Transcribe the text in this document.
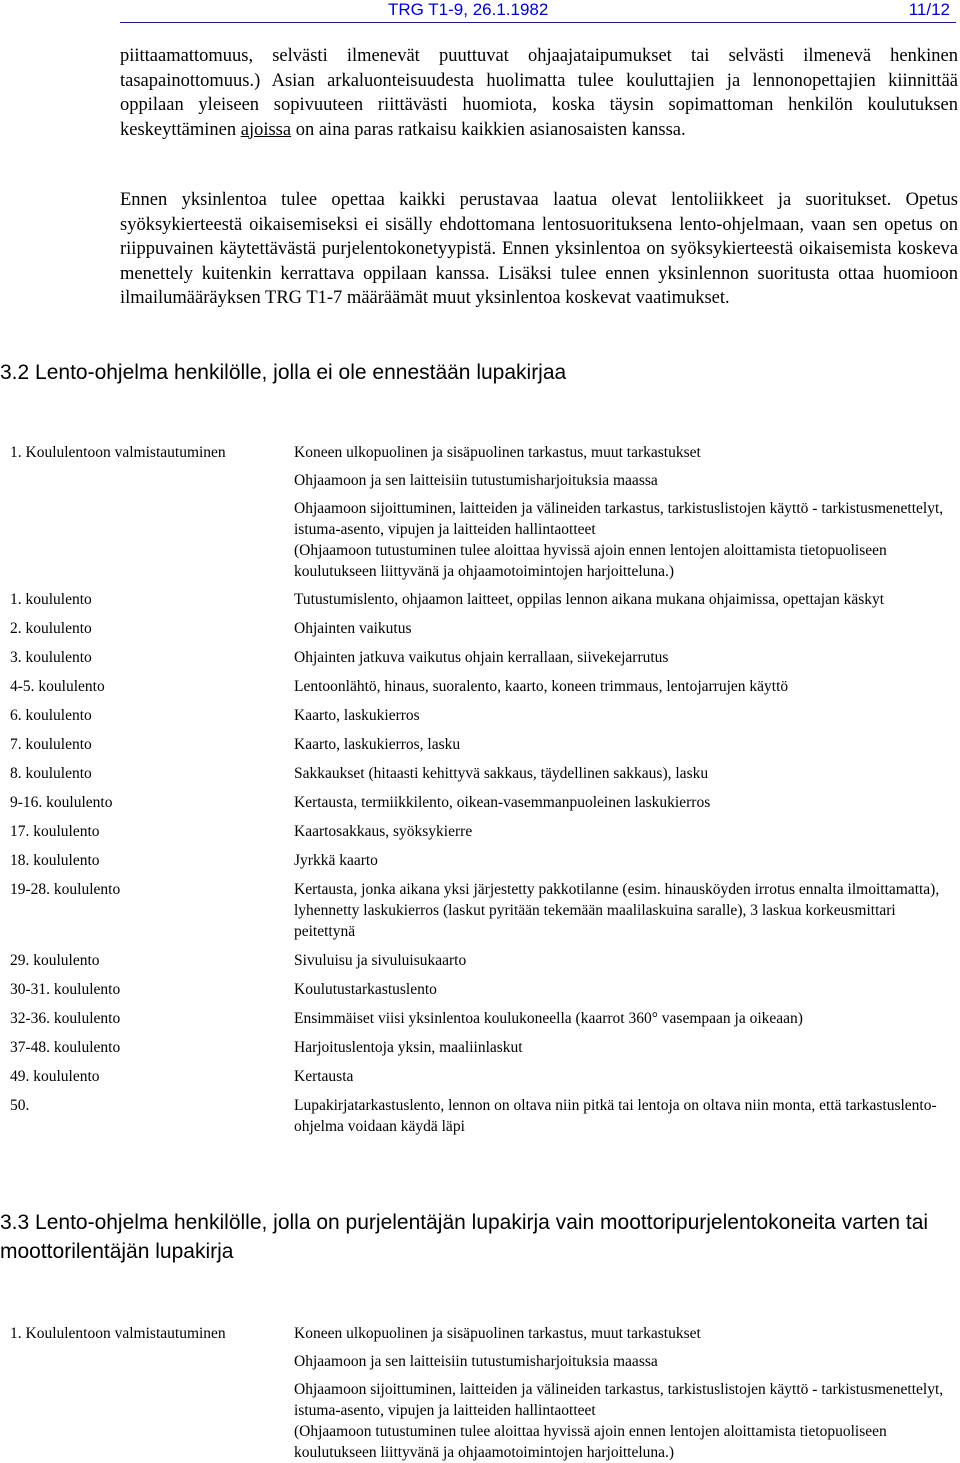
TRG T1-9, 26.1.1982	11/12

piittaamattomuus, selvästi ilmenevät puuttuvat ohjaajataipumukset tai selvästi ilmenevä henkinen tasapainottomuus.) Asian arkaluonteisuudesta huolimatta tulee kouluttajien ja lennonopettajien kiinnittää oppilaan yleiseen sopivuuteen riittävästi huomiota, koska täysin sopimattoman henkilön koulutuksen keskeyttäminen ajoissa on aina paras ratkaisu kaikkien asianosaisten kanssa.

Ennen yksinlentoa tulee opettaa kaikki perustavaa laatua olevat lentoliikkeet ja suoritukset. Opetus syöksykierteestä oikaisemiseksi ei sisälly ehdottomana lentosuorituksena lento-ohjelmaan, vaan sen opetus on riippuvainen käytettävästä purjelentokonetyypistä. Ennen yksinlentoa on syöksykierteestä oikaisemista koskeva menettely kuitenkin kerrattava oppilaan kanssa. Lisäksi tulee ennen yksinlennon suoritusta ottaa huomioon ilmailumääräyksen TRG T1-7 määräämät muut yksinlentoa koskevat vaatimukset.

3.2 Lento-ohjelma henkilölle, jolla ei ole ennestään lupakirjaa
1. Koululentoon valmistautuminen	Koneen ulkopuolinen ja sisäpuolinen tarkastus, muut tarkastukset
Ohjaamoon ja sen laitteisiin tutustumisharjoituksia maassa
Ohjaamoon sijoittuminen, laitteiden ja välineiden tarkastus, tarkistuslistojen käyttö - tarkistusmenettelyt, istuma-asento, vipujen ja laitteiden hallintaotteet
(Ohjaamoon tutustuminen tulee aloittaa hyvissä ajoin ennen lentojen aloittamista tietopuoliseen koulutukseen liittyvänä ja ohjaamotoimintojen harjoitteluna.)
1. koululento	Tutustumislento, ohjaamon laitteet, oppilas lennon aikana mukana ohjaimissa, opettajan käskyt
2. koululento	Ohjainten vaikutus
3. koululento	Ohjainten jatkuva vaikutus ohjain kerrallaan, siivekejarrutus
4-5. koululento	Lentoonlähtö, hinaus, suoralento, kaarto, koneen trimmaus, lentojarrujen käyttö
6. koululento	Kaarto, laskukierros
7. koululento	Kaarto, laskukierros, lasku
8. koululento	Sakkaukset (hitaasti kehittyvä sakkaus, täydellinen sakkaus), lasku
9-16. koululento	Kertausta, termiikkilento, oikean-vasemmanpuoleinen laskukierros
17. koululento	Kaartosakkaus, syöksykierre
18. koululento	Jyrkkä kaarto
19-28. koululento	Kertausta, jonka aikana yksi järjestetty pakkotilanne (esim. hinausköyden irrotus ennalta ilmoittamatta), lyhennetty laskukierros (laskut pyritään tekemään maalilaskuina saralle), 3 laskua korkeusmittari peitettynä
29. koululento	Sivuluisu ja sivuluisukaarto
30-31. koululento	Koulutustarkastuslento
32-36. koululento	Ensimmäiset viisi yksinlentoa koulukoneella (kaarrot 360° vasempaan ja oikeaan)
37-48. koululento	Harjoituslentoja yksin, maaliinlaskut
49. koululento	Kertausta
50.	Lupakirjatarkastuslento, lennon on oltava niin pitkä tai lentoja on oltava niin monta, että tarkastuslento-ohjelma voidaan käydä läpi
3.3 Lento-ohjelma henkilölle, jolla on purjelentäjän lupakirja vain moottoripurjelentokoneita varten tai moottorilentäjän lupakirja
1. Koululentoon valmistautuminen	Koneen ulkopuolinen ja sisäpuolinen tarkastus, muut tarkastukset
Ohjaamoon ja sen laitteisiin tutustumisharjoituksia maassa
Ohjaamoon sijoittuminen, laitteiden ja välineiden tarkastus, tarkistuslistojen käyttö - tarkistusmenettelyt, istuma-asento, vipujen ja laitteiden hallintaotteet
(Ohjaamoon tutustuminen tulee aloittaa hyvissä ajoin ennen lentojen aloittamista tietopuoliseen koulutukseen liittyvänä ja ohjaamotoimintojen harjoitteluna.)
